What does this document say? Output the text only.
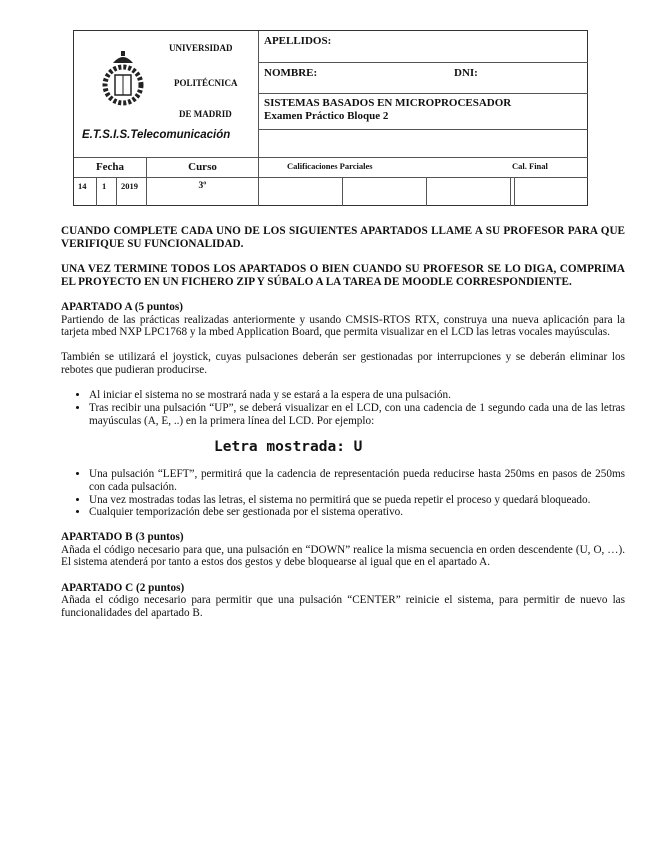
UNIVERSIDAD
POLITÉCNICA
DE MADRID
E.T.S.I.S.Telecomunicación
APELLIDOS:
NOMBRE:	DNI:
SISTEMAS BASADOS EN MICROPROCESADOR
Examen Práctico Bloque 2
Fecha	Curso	Calificaciones Parciales	Cal. Final
14	1	2019	3º

CUANDO COMPLETE CADA UNO DE LOS SIGUIENTES APARTADOS LLAME A SU PROFESOR PARA QUE VERIFIQUE SU FUNCIONALIDAD.

UNA VEZ TERMINE TODOS LOS APARTADOS O BIEN CUANDO SU PROFESOR SE LO DIGA, COMPRIMA EL PROYECTO EN UN FICHERO ZIP Y SÚBALO A LA TAREA DE MOODLE CORRESPONDIENTE.

APARTADO A (5 puntos)

Partiendo de las prácticas realizadas anteriormente y usando CMSIS-RTOS RTX, construya una nueva aplicación para la tarjeta mbed NXP LPC1768 y la mbed Application Board, que permita visualizar en el LCD las letras vocales mayúsculas.

También se utilizará el joystick, cuyas pulsaciones deberán ser gestionadas por interrupciones y se deberán eliminar los rebotes que pudieran producirse.

• Al iniciar el sistema no se mostrará nada y se estará a la espera de una pulsación.
• Tras recibir una pulsación “UP”, se deberá visualizar en el LCD, con una cadencia de 1 segundo cada una de las letras mayúsculas (A, E, ..) en la primera línea del LCD. Por ejemplo:
Letra mostrada: U
• Una pulsación “LEFT”, permitirá que la cadencia de representación pueda reducirse hasta 250ms en pasos de 250ms con cada pulsación.
• Una vez mostradas todas las letras, el sistema no permitirá que se pueda repetir el proceso y quedará bloqueado.
• Cualquier temporización debe ser gestionada por el sistema operativo.
APARTADO B (3 puntos)

Añada el código necesario para que, una pulsación en “DOWN” realice la misma secuencia en orden descendente (U, O, …). El sistema atenderá por tanto a estos dos gestos y debe bloquearse al igual que en el apartado A.

APARTADO C (2 puntos)

Añada el código necesario para permitir que una pulsación “CENTER” reinicie el sistema, para permitir de nuevo las funcionalidades del apartado B.
